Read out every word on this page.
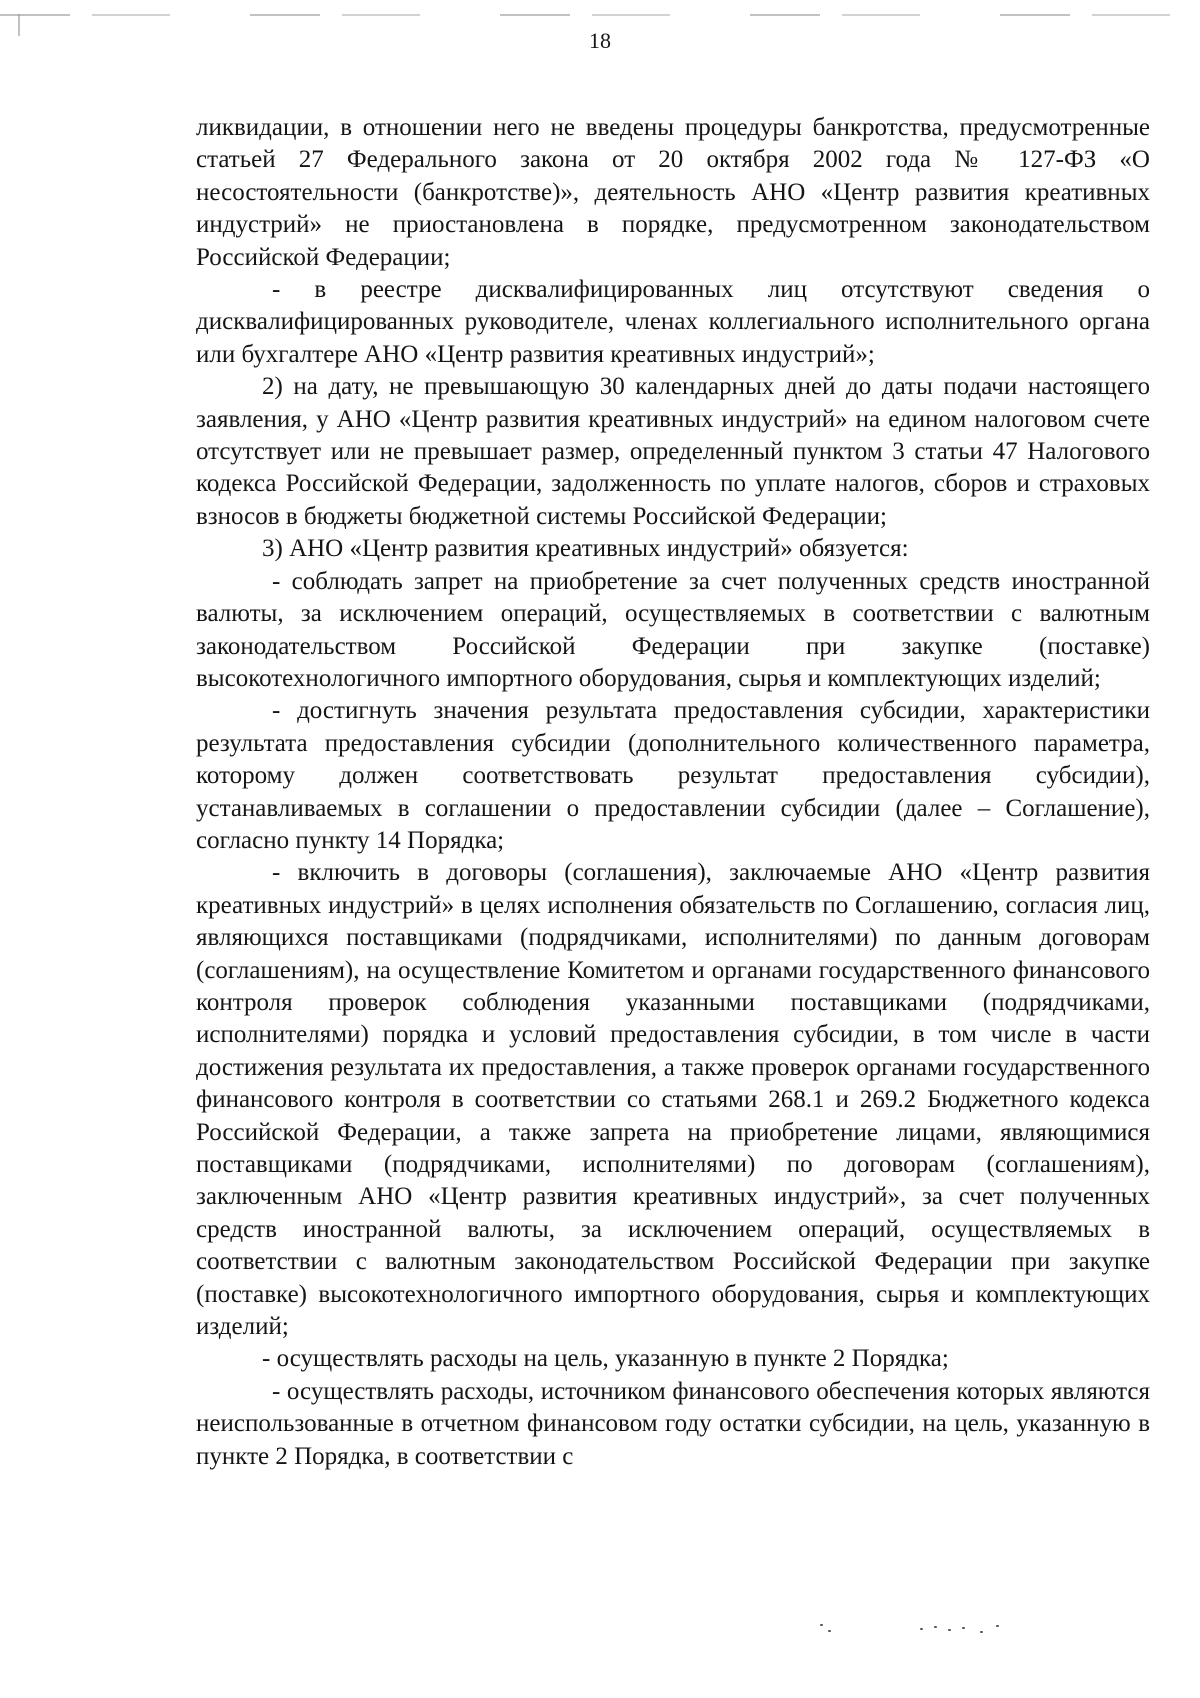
18

ликвидации, в отношении него не введены процедуры банкротства, предусмотренные статьей 27 Федерального закона от 20 октября 2002 года № 127-ФЗ «О несостоятельности (банкротстве)», деятельность АНО «Центр развития креативных индустрий» не приостановлена в порядке, предусмотренном законодательством Российской Федерации;

- в реестре дисквалифицированных лиц отсутствуют сведения о дисквалифицированных руководителе, членах коллегиального исполнительного органа или бухгалтере АНО «Центр развития креативных индустрий»;

2) на дату, не превышающую 30 календарных дней до даты подачи настоящего заявления, у АНО «Центр развития креативных индустрий» на едином налоговом счете отсутствует или не превышает размер, определенный пунктом 3 статьи 47 Налогового кодекса Российской Федерации, задолженность по уплате налогов, сборов и страховых взносов в бюджеты бюджетной системы Российской Федерации;

3) АНО «Центр развития креативных индустрий» обязуется:

- соблюдать запрет на приобретение за счет полученных средств иностранной валюты, за исключением операций, осуществляемых в соответствии с валютным законодательством Российской Федерации при закупке (поставке) высокотехнологичного импортного оборудования, сырья и комплектующих изделий;

- достигнуть значения результата предоставления субсидии, характеристики результата предоставления субсидии (дополнительного количественного параметра, которому должен соответствовать результат предоставления субсидии), устанавливаемых в соглашении о предоставлении субсидии (далее – Соглашение), согласно пункту 14 Порядка;

- включить в договоры (соглашения), заключаемые АНО «Центр развития креативных индустрий» в целях исполнения обязательств по Соглашению, согласия лиц, являющихся поставщиками (подрядчиками, исполнителями) по данным договорам (соглашениям), на осуществление Комитетом и органами государственного финансового контроля проверок соблюдения указанными поставщиками (подрядчиками, исполнителями) порядка и условий предоставления субсидии, в том числе в части достижения результата их предоставления, а также проверок органами государственного финансового контроля в соответствии со статьями 268.1 и 269.2 Бюджетного кодекса Российской Федерации, а также запрета на приобретение лицами, являющимися поставщиками (подрядчиками, исполнителями) по договорам (соглашениям), заключенным АНО «Центр развития креативных индустрий», за счет полученных средств иностранной валюты, за исключением операций, осуществляемых в соответствии с валютным законодательством Российской Федерации при закупке (поставке) высокотехнологичного импортного оборудования, сырья и комплектующих изделий;

- осуществлять расходы на цель, указанную в пункте 2 Порядка;

- осуществлять расходы, источником финансового обеспечения которых являются неиспользованные в отчетном финансовом году остатки субсидии, на цель, указанную в пункте 2 Порядка, в соответствии с
